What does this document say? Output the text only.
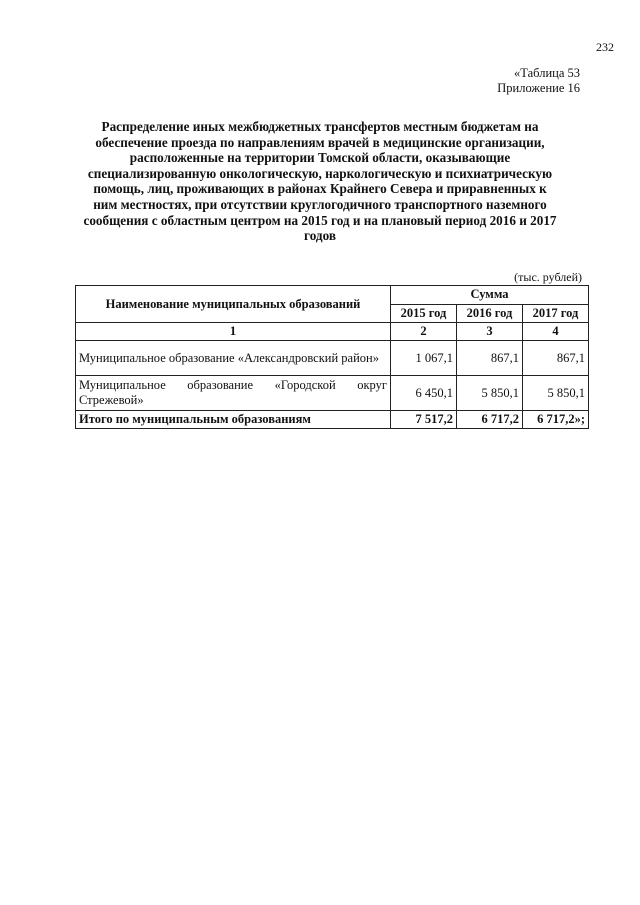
232
«Таблица 53
Приложение 16
Распределение иных межбюджетных трансфертов местным бюджетам на обеспечение проезда по направлениям врачей в медицинские организации, расположенные на территории Томской области, оказывающие специализированную онкологическую, наркологическую и психиатрическую помощь, лиц, проживающих в районах Крайнего Севера и приравненных к ним местностях, при отсутствии круглогодичного транспортного наземного сообщения с областным центром на 2015 год и на плановый период 2016 и 2017 годов
(тыс. рублей)
Наименование муниципальных образований	Сумма		
	2015 год	2016 год	2017 год
1	2	3	4
Муниципальное образование «Александровский район»	1 067,1	867,1	867,1
Муниципальное образование «Городской округ Стрежевой»	6 450,1	5 850,1	5 850,1
Итого по муниципальным образованиям	7 517,2	6 717,2	6 717,2»;
